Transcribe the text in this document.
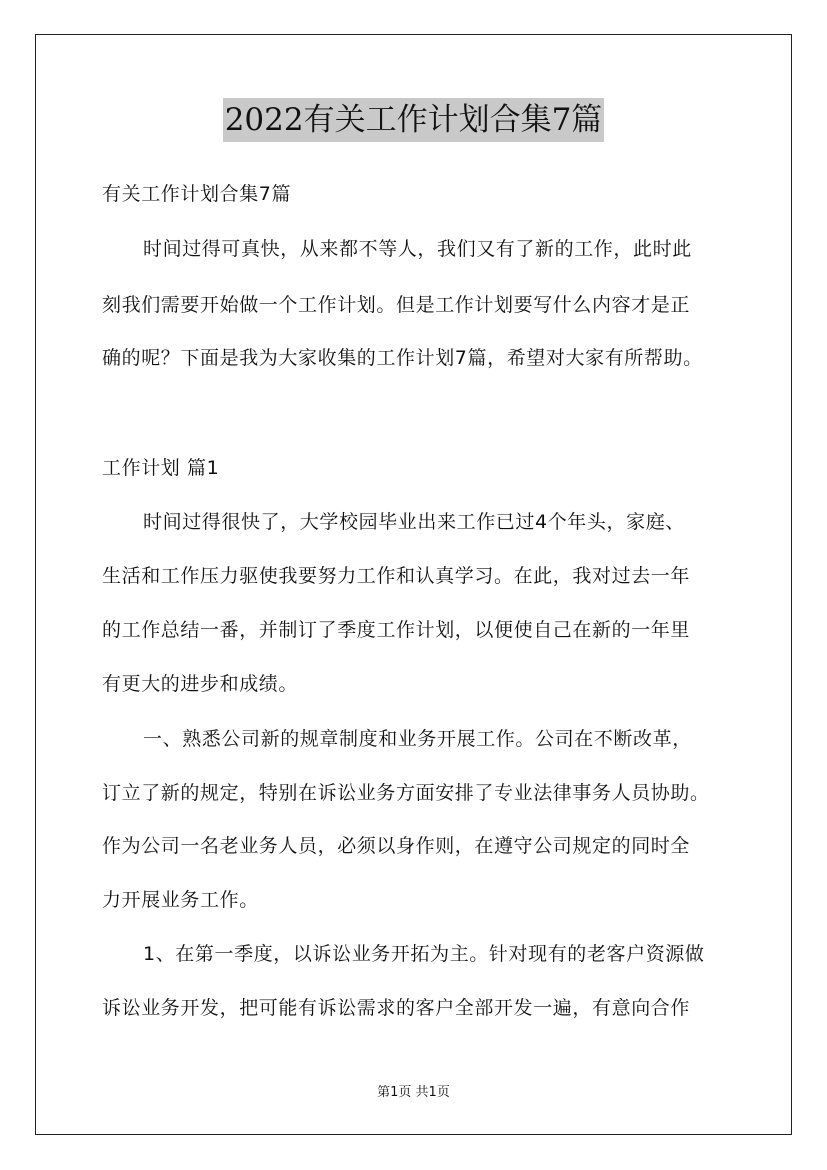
2022有关工作计划合集7篇

有关工作计划合集7篇

时间过得可真快，从来都不等人，我们又有了新的工作，此时此

刻我们需要开始做一个工作计划。但是工作计划要写什么内容才是正

确的呢？下面是我为大家收集的工作计划7篇，希望对大家有所帮助。

工作计划 篇1

时间过得很快了，大学校园毕业出来工作已过4个年头，家庭、

生活和工作压力驱使我要努力工作和认真学习。在此，我对过去一年

的工作总结一番，并制订了季度工作计划，以便使自己在新的一年里

有更大的进步和成绩。

一、熟悉公司新的规章制度和业务开展工作。公司在不断改革，

订立了新的规定，特别在诉讼业务方面安排了专业法律事务人员协助。

作为公司一名老业务人员，必须以身作则，在遵守公司规定的同时全

力开展业务工作。

1、在第一季度，以诉讼业务开拓为主。针对现有的老客户资源做

诉讼业务开发，把可能有诉讼需求的客户全部开发一遍，有意向合作

第1页 共1页
